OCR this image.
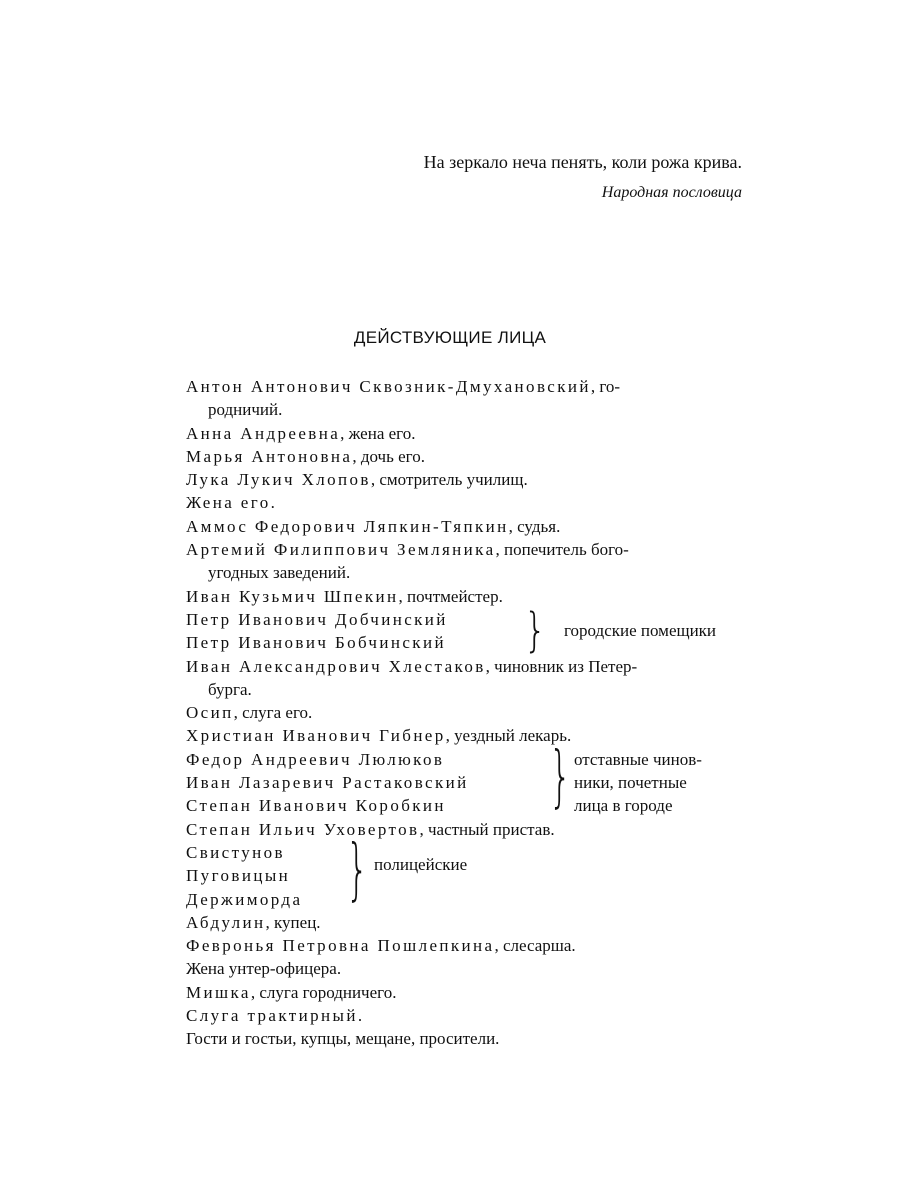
На зеркало неча пенять, коли рожа крива.
Народная пословица
ДЕЙСТВУЮЩИЕ ЛИЦА
Антон Антонович Сквозник-Дмухановский, го-
родничий.
Анна Андреевна, жена его.
Марья Антоновна, дочь его.
Лука Лукич Хлопов, смотритель училищ.
Жена его.
Аммос Федорович Ляпкин-Тяпкин, судья.
Артемий Филиппович Земляника, попечитель бого-
угодных заведений.
Иван Кузьмич Шпекин, почтмейстер.
Петр Иванович Добчинский
Петр Иванович Бобчинский	} городские помещики
Иван Александрович Хлестаков, чиновник из Петер-
бурга.
Осип, слуга его.
Христиан Иванович Гибнер, уездный лекарь.
Федор Андреевич Люлюков
Иван Лазаревич Растаковский
Степан Иванович Коробкин	} отставные чинов-
ники, почетные
лица в городе
Степан Ильич Уховертов, частный пристав.
Свистунов
Пуговицын
Держиморда } полицейские
Абдулин, купец.
Февронья Петровна Пошлепкина, слесарша.
Жена унтер-офицера.
Мишка, слуга городничего.
Слуга трактирный.
Гости и гостьи, купцы, мещане, просители.
